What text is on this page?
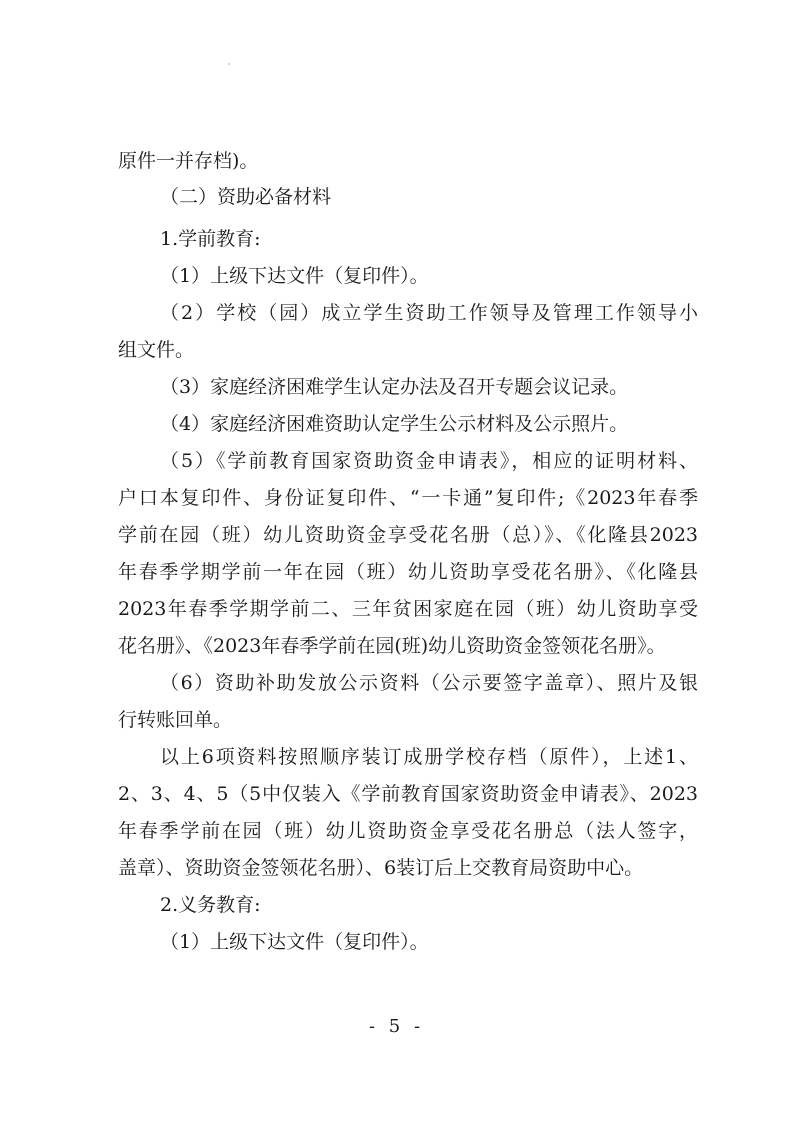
原件一并存档)。
（二）资助必备材料
1.学前教育:
（1）上级下达文件（复印件）。
（2）学校（园）成立学生资助工作领导及管理工作领导小
组文件。
（3）家庭经济困难学生认定办法及召开专题会议记录。
（4）家庭经济困难资助认定学生公示材料及公示照片。
（5）《学前教育国家资助资金申请表》，相应的证明材料、
户口本复印件、身份证复印件、“一卡通”复印件;《2023年春季
学前在园（班）幼儿资助资金享受花名册（总）》、《化隆县2023
年春季学期学前一年在园（班）幼儿资助享受花名册》、《化隆县
2023年春季学期学前二、三年贫困家庭在园（班）幼儿资助享受
花名册》、《2023年春季学前在园(班)幼儿资助资金签领花名册》。
（6）资助补助发放公示资料（公示要签字盖章）、照片及银
行转账回单。
以上6项资料按照顺序装订成册学校存档（原件），上述1、
2、3、4、5（5中仅装入《学前教育国家资助资金申请表》、2023
年春季学前在园（班）幼儿资助资金享受花名册总（法人签字，
盖章）、资助资金签领花名册）、6装订后上交教育局资助中心。
2.义务教育:
（1）上级下达文件（复印件）。
- 5 -
